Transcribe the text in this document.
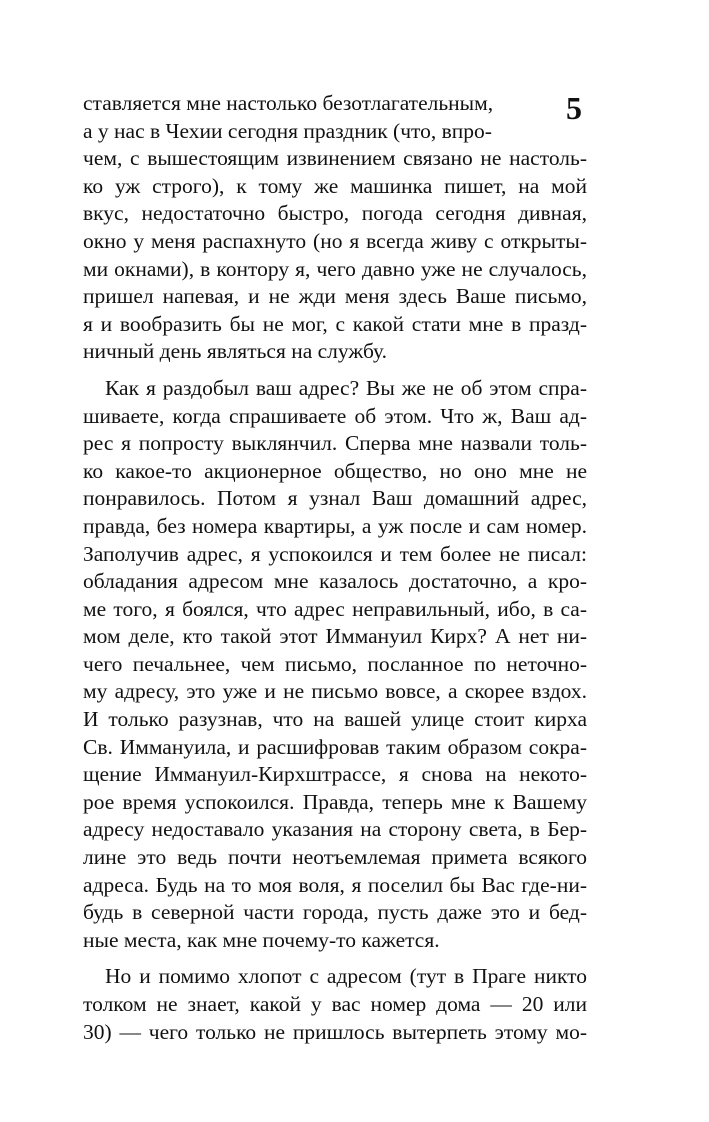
5
ставляется мне настолько безотлагательным,
а у нас в Чехии сегодня праздник (что, впро-
чем, с вышестоящим извинением связано не настоль-
ко уж строго), к тому же машинка пишет, на мой
вкус, недостаточно быстро, погода сегодня дивная,
окно у меня распахнуто (но я всегда живу с открыты-
ми окнами), в контору я, чего давно уже не случалось,
пришел напевая, и не жди меня здесь Ваше письмо,
я и вообразить бы не мог, с какой стати мне в празд-
ничный день являться на службу.
Как я раздобыл ваш адрес? Вы же не об этом спра-
шиваете, когда спрашиваете об этом. Что ж, Ваш ад-
рес я попросту выклянчил. Сперва мне назвали толь-
ко какое-то акционерное общество, но оно мне не
понравилось. Потом я узнал Ваш домашний адрес,
правда, без номера квартиры, а уж после и сам номер.
Заполучив адрес, я успокоился и тем более не писал:
обладания адресом мне казалось достаточно, а кро-
ме того, я боялся, что адрес неправильный, ибо, в са-
мом деле, кто такой этот Иммануил Кирх? А нет ни-
чего печальнее, чем письмо, посланное по неточно-
му адресу, это уже и не письмо вовсе, а скорее вздох.
И только разузнав, что на вашей улице стоит кирха
Св. Иммануила, и расшифровав таким образом сокра-
щение Иммануил-Кирхштрассе, я снова на некото-
рое время успокоился. Правда, теперь мне к Вашему
адресу недоставало указания на сторону света, в Бер-
лине это ведь почти неотъемлемая примета всякого
адреса. Будь на то моя воля, я поселил бы Вас где-ни-
будь в северной части города, пусть даже это и бед-
ные места, как мне почему-то кажется.
Но и помимо хлопот с адресом (тут в Праге никто
толком не знает, какой у вас номер дома — 20 или
30) — чего только не пришлось вытерпеть этому мо-
